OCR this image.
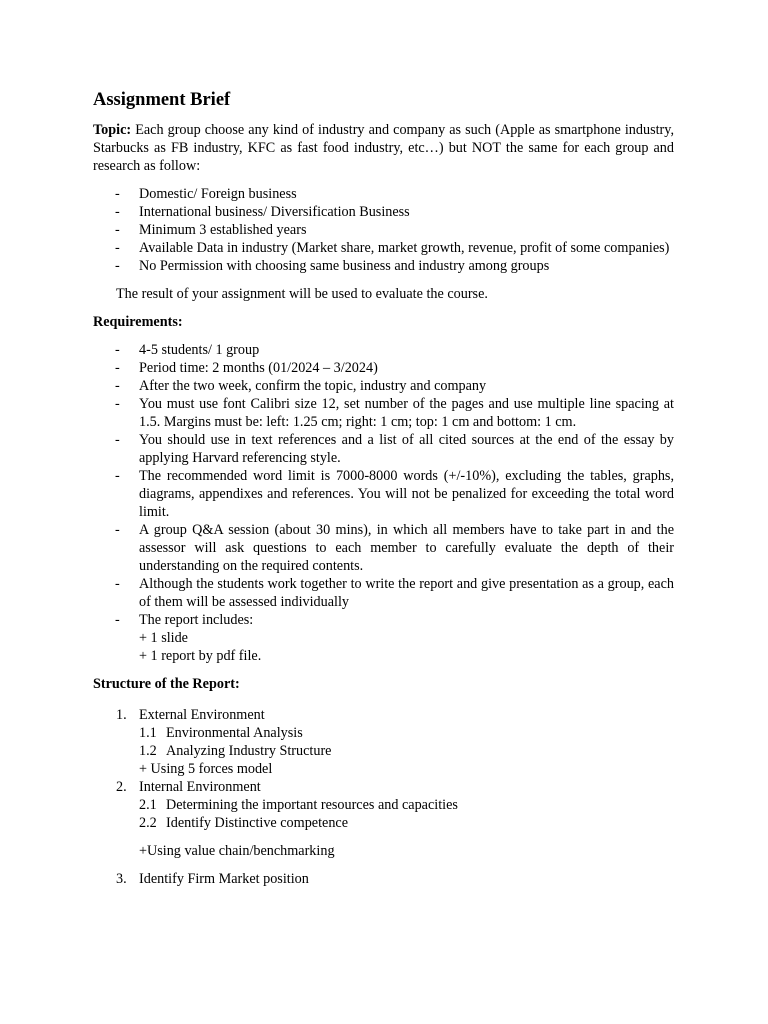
Assignment Brief

Topic: Each group choose any kind of industry and company as such (Apple as smartphone industry, Starbucks as FB industry, KFC as fast food industry, etc…) but NOT the same for each group and research as follow:

- Domestic/ Foreign business
- International business/ Diversification Business
- Minimum 3 established years
- Available Data in industry (Market share, market growth, revenue, profit of some companies)
- No Permission with choosing same business and industry among groups

The result of your assignment will be used to evaluate the course.

Requirements:

- 4-5 students/ 1 group
- Period time: 2 months (01/2024 – 3/2024)
- After the two week, confirm the topic, industry and company
- You must use font Calibri size 12, set number of the pages and use multiple line spacing at 1.5. Margins must be: left: 1.25 cm; right: 1 cm; top: 1 cm and bottom: 1 cm.
- You should use in text references and a list of all cited sources at the end of the essay by applying Harvard referencing style.
- The recommended word limit is 7000-8000 words (+/-10%), excluding the tables, graphs, diagrams, appendixes and references. You will not be penalized for exceeding the total word limit.
- A group Q&A session (about 30 mins), in which all members have to take part in and the assessor will ask questions to each member to carefully evaluate the depth of their understanding on the required contents.
- Although the students work together to write the report and give presentation as a group, each of them will be assessed individually
- The report includes:
+ 1 slide
+ 1 report by pdf file.

Structure of the Report:

1. External Environment
1.1 Environmental Analysis
1.2 Analyzing Industry Structure
+ Using 5 forces model
2. Internal Environment
2.1 Determining the important resources and capacities
2.2 Identify Distinctive competence
+Using value chain/benchmarking
3. Identify Firm Market position
